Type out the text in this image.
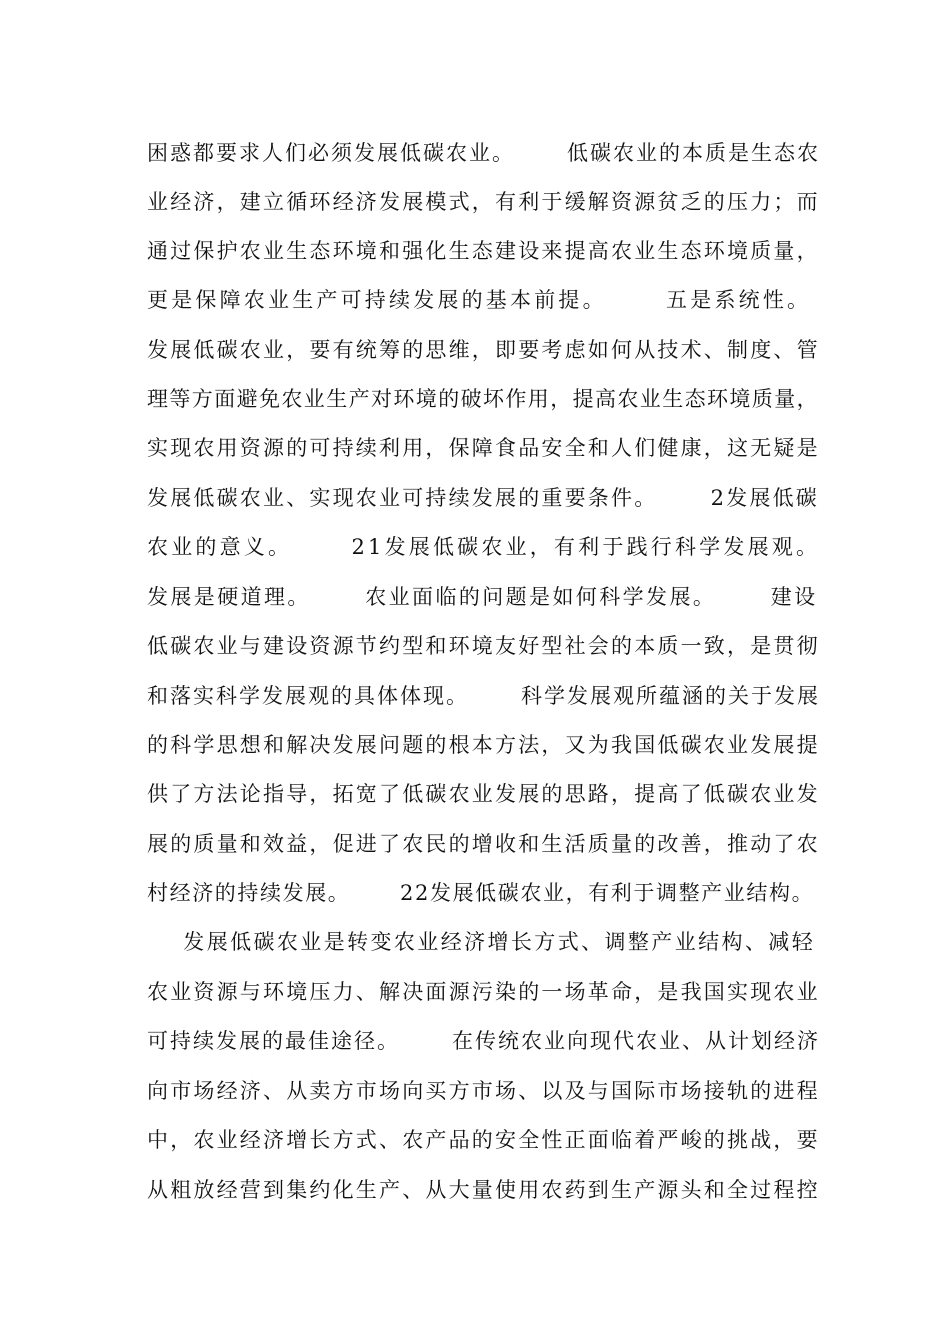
困惑都要求人们必须发展低碳农业。      低碳农业的本质是生态农
业经济，建立循环经济发展模式，有利于缓解资源贫乏的压力；而
通过保护农业生态环境和强化生态建设来提高农业生态环境质量，
更是保障农业生产可持续发展的基本前提。      五是系统性。
发展低碳农业，要有统筹的思维，即要考虑如何从技术、制度、管
理等方面避免农业生产对环境的破坏作用，提高农业生态环境质量，
实现农用资源的可持续利用，保障食品安全和人们健康，这无疑是
发展低碳农业、实现农业可持续发展的重要条件。      2发展低碳
农业的意义。      21发展低碳农业，有利于践行科学发展观。
发展是硬道理。      农业面临的问题是如何科学发展。      建设
低碳农业与建设资源节约型和环境友好型社会的本质一致，是贯彻
和落实科学发展观的具体体现。      科学发展观所蕴涵的关于发展
的科学思想和解决发展问题的根本方法，又为我国低碳农业发展提
供了方法论指导，拓宽了低碳农业发展的思路，提高了低碳农业发
展的质量和效益，促进了农民的增收和生活质量的改善，推动了农
村经济的持续发展。      22发展低碳农业，有利于调整产业结构。
发展低碳农业是转变农业经济增长方式、调整产业结构、减轻
农业资源与环境压力、解决面源污染的一场革命，是我国实现农业
可持续发展的最佳途径。      在传统农业向现代农业、从计划经济
向市场经济、从卖方市场向买方市场、以及与国际市场接轨的进程
中，农业经济增长方式、农产品的安全性正面临着严峻的挑战，要
从粗放经营到集约化生产、从大量使用农药到生产源头和全过程控
